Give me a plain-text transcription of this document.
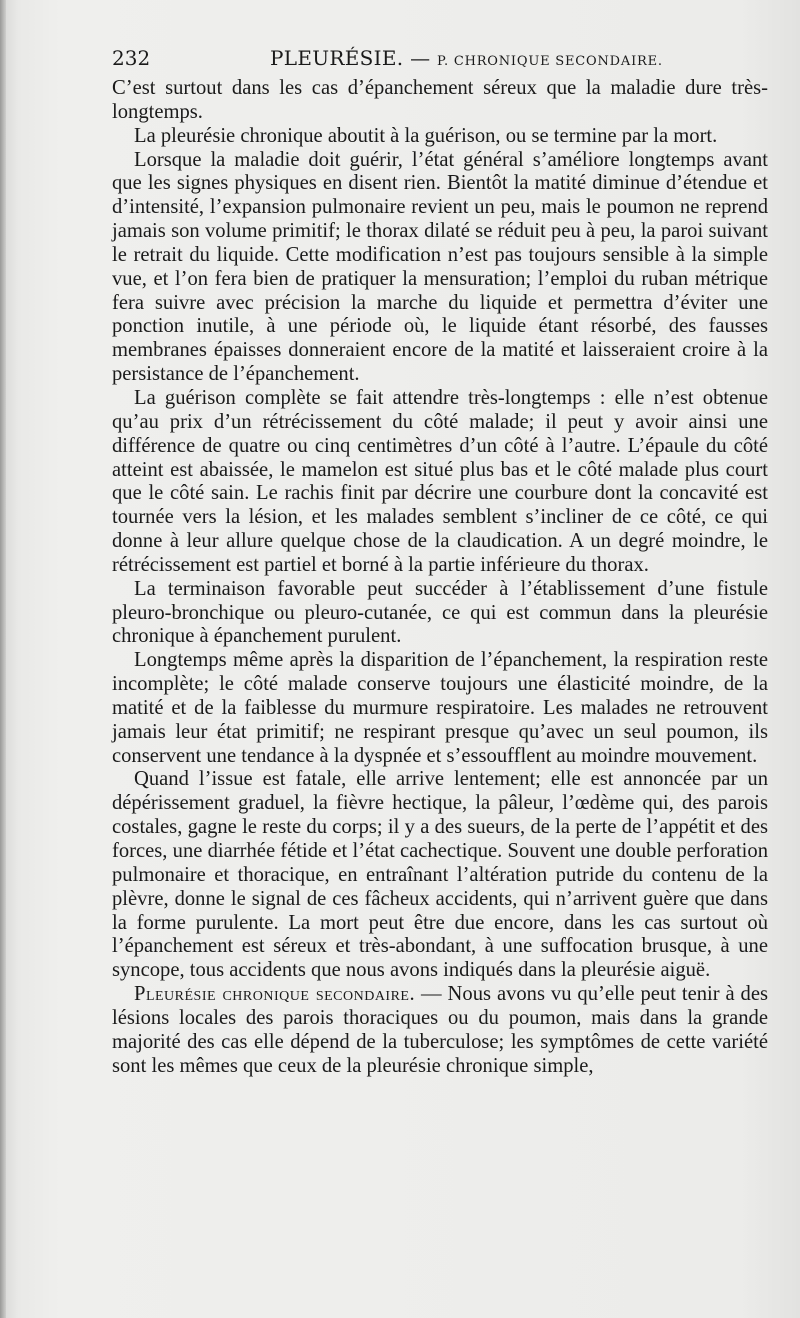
232	PLEURÉSIE. — P. CHRONIQUE SECONDAIRE.

C’est surtout dans les cas d’épanchement séreux que la maladie dure très-longtemps.

La pleurésie chronique aboutit à la guérison, ou se termine par la mort.

Lorsque la maladie doit guérir, l’état général s’améliore longtemps avant que les signes physiques en disent rien. Bientôt la matité diminue d’étendue et d’intensité, l’expansion pulmonaire revient un peu, mais le poumon ne reprend jamais son volume primitif; le thorax dilaté se réduit peu à peu, la paroi suivant le retrait du liquide. Cette modification n’est pas toujours sensible à la simple vue, et l’on fera bien de pratiquer la mensuration; l’emploi du ruban métrique fera suivre avec précision la marche du liquide et permettra d’éviter une ponction inutile, à une période où, le liquide étant résorbé, des fausses membranes épaisses donneraient encore de la matité et laisseraient croire à la persistance de l’épanchement.

La guérison complète se fait attendre très-longtemps : elle n’est obtenue qu’au prix d’un rétrécissement du côté malade; il peut y avoir ainsi une différence de quatre ou cinq centimètres d’un côté à l’autre. L’épaule du côté atteint est abaissée, le mamelon est situé plus bas et le côté malade plus court que le côté sain. Le rachis finit par décrire une courbure dont la concavité est tournée vers la lésion, et les malades semblent s’incliner de ce côté, ce qui donne à leur allure quelque chose de la claudication. A un degré moindre, le rétrécissement est partiel et borné à la partie inférieure du thorax.

La terminaison favorable peut succéder à l’établissement d’une fistule pleuro-bronchique ou pleuro-cutanée, ce qui est commun dans la pleurésie chronique à épanchement purulent.

Longtemps même après la disparition de l’épanchement, la respiration reste incomplète; le côté malade conserve toujours une élasticité moindre, de la matité et de la faiblesse du murmure respiratoire. Les malades ne retrouvent jamais leur état primitif; ne respirant presque qu’avec un seul poumon, ils conservent une tendance à la dyspnée et s’essoufflent au moindre mouvement.

Quand l’issue est fatale, elle arrive lentement; elle est annoncée par un dépérissement graduel, la fièvre hectique, la pâleur, l’œdème qui, des parois costales, gagne le reste du corps; il y a des sueurs, de la perte de l’appétit et des forces, une diarrhée fétide et l’état cachectique. Souvent une double perforation pulmonaire et thoracique, en entraînant l’altération putride du contenu de la plèvre, donne le signal de ces fâcheux accidents, qui n’arrivent guère que dans la forme purulente. La mort peut être due encore, dans les cas surtout où l’épanchement est séreux et très-abondant, à une suffocation brusque, à une syncope, tous accidents que nous avons indiqués dans la pleurésie aiguë.

Pleurésie chronique secondaire. — Nous avons vu qu’elle peut tenir à des lésions locales des parois thoraciques ou du poumon, mais dans la grande majorité des cas elle dépend de la tuberculose; les symptômes de cette variété sont les mêmes que ceux de la pleurésie chronique simple,
